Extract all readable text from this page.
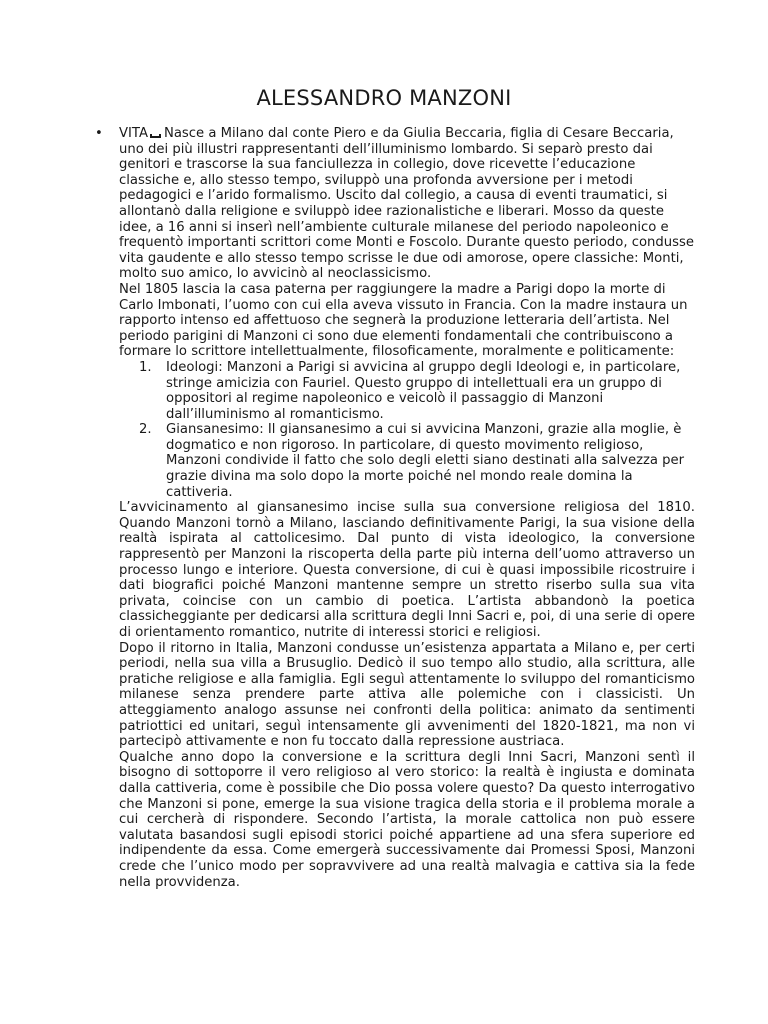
ALESSANDRO MANZONI
• VITA Nasce a Milano dal conte Piero e da Giulia Beccaria, figlia di Cesare Beccaria, uno dei più illustri rappresentanti dell’illuminismo lombardo. Si separò presto dai genitori e trascorse la sua fanciullezza in collegio, dove ricevette l’educazione classiche e, allo stesso tempo, sviluppò una profonda avversione per i metodi pedagogici e l’arido formalismo. Uscito dal collegio, a causa di eventi traumatici, si allontanò dalla religione e sviluppò idee razionalistiche e liberari. Mosso da queste idee, a 16 anni si inserì nell’ambiente culturale milanese del periodo napoleonico e frequentò importanti scrittori come Monti e Foscolo. Durante questo periodo, condusse vita gaudente e allo stesso tempo scrisse le due odi amorose, opere classiche: Monti, molto suo amico, lo avvicinò al neoclassicismo.

Nel 1805 lascia la casa paterna per raggiungere la madre a Parigi dopo la morte di Carlo Imbonati, l’uomo con cui ella aveva vissuto in Francia. Con la madre instaura un rapporto intenso ed affettuoso che segnerà la produzione letteraria dell’artista. Nel periodo parigini di Manzoni ci sono due elementi fondamentali che contribuiscono a formare lo scrittore intellettualmente, filosoficamente, moralmente e politicamente:

1. Ideologi: Manzoni a Parigi si avvicina al gruppo degli Ideologi e, in particolare, stringe amicizia con Fauriel. Questo gruppo di intellettuali era un gruppo di oppositori al regime napoleonico e veicolò il passaggio di Manzoni dall’illuminismo al romanticismo.
2. Giansanesimo: Il giansanesimo a cui si avvicina Manzoni, grazie alla moglie, è dogmatico e non rigoroso. In particolare, di questo movimento religioso, Manzoni condivide il fatto che solo degli eletti siano destinati alla salvezza per grazie divina ma solo dopo la morte poiché nel mondo reale domina la cattiveria.

L’avvicinamento al giansanesimo incise sulla sua conversione religiosa del 1810. Quando Manzoni tornò a Milano, lasciando definitivamente Parigi, la sua visione della realtà ispirata al cattolicesimo. Dal punto di vista ideologico, la conversione rappresentò per Manzoni la riscoperta della parte più interna dell’uomo attraverso un processo lungo e interiore. Questa conversione, di cui è quasi impossibile ricostruire i dati biografici poiché Manzoni mantenne sempre un stretto riserbo sulla sua vita privata, coincise con un cambio di poetica. L’artista abbandonò la poetica classicheggiante per dedicarsi alla scrittura degli Inni Sacri e, poi, di una serie di opere di orientamento romantico, nutrite di interessi storici e religiosi.

Dopo il ritorno in Italia, Manzoni condusse un’esistenza appartata a Milano e, per certi periodi, nella sua villa a Brusuglio. Dedicò il suo tempo allo studio, alla scrittura, alle pratiche religiose e alla famiglia. Egli seguì attentamente lo sviluppo del romanticismo milanese senza prendere parte attiva alle polemiche con i classicisti. Un atteggiamento analogo assunse nei confronti della politica: animato da sentimenti patriottici ed unitari, seguì intensamente gli avvenimenti del 1820-1821, ma non vi partecipò attivamente e non fu toccato dalla repressione austriaca.

Qualche anno dopo la conversione e la scrittura degli Inni Sacri, Manzoni sentì il bisogno di sottoporre il vero religioso al vero storico: la realtà è ingiusta e dominata dalla cattiveria, come è possibile che Dio possa volere questo? Da questo interrogativo che Manzoni si pone, emerge la sua visione tragica della storia e il problema morale a cui cercherà di rispondere. Secondo l’artista, la morale cattolica non può essere valutata basandosi sugli episodi storici poiché appartiene ad una sfera superiore ed indipendente da essa. Come emergerà successivamente dai Promessi Sposi, Manzoni crede che l’unico modo per sopravvivere ad una realtà malvagia e cattiva sia la fede nella provvidenza.
